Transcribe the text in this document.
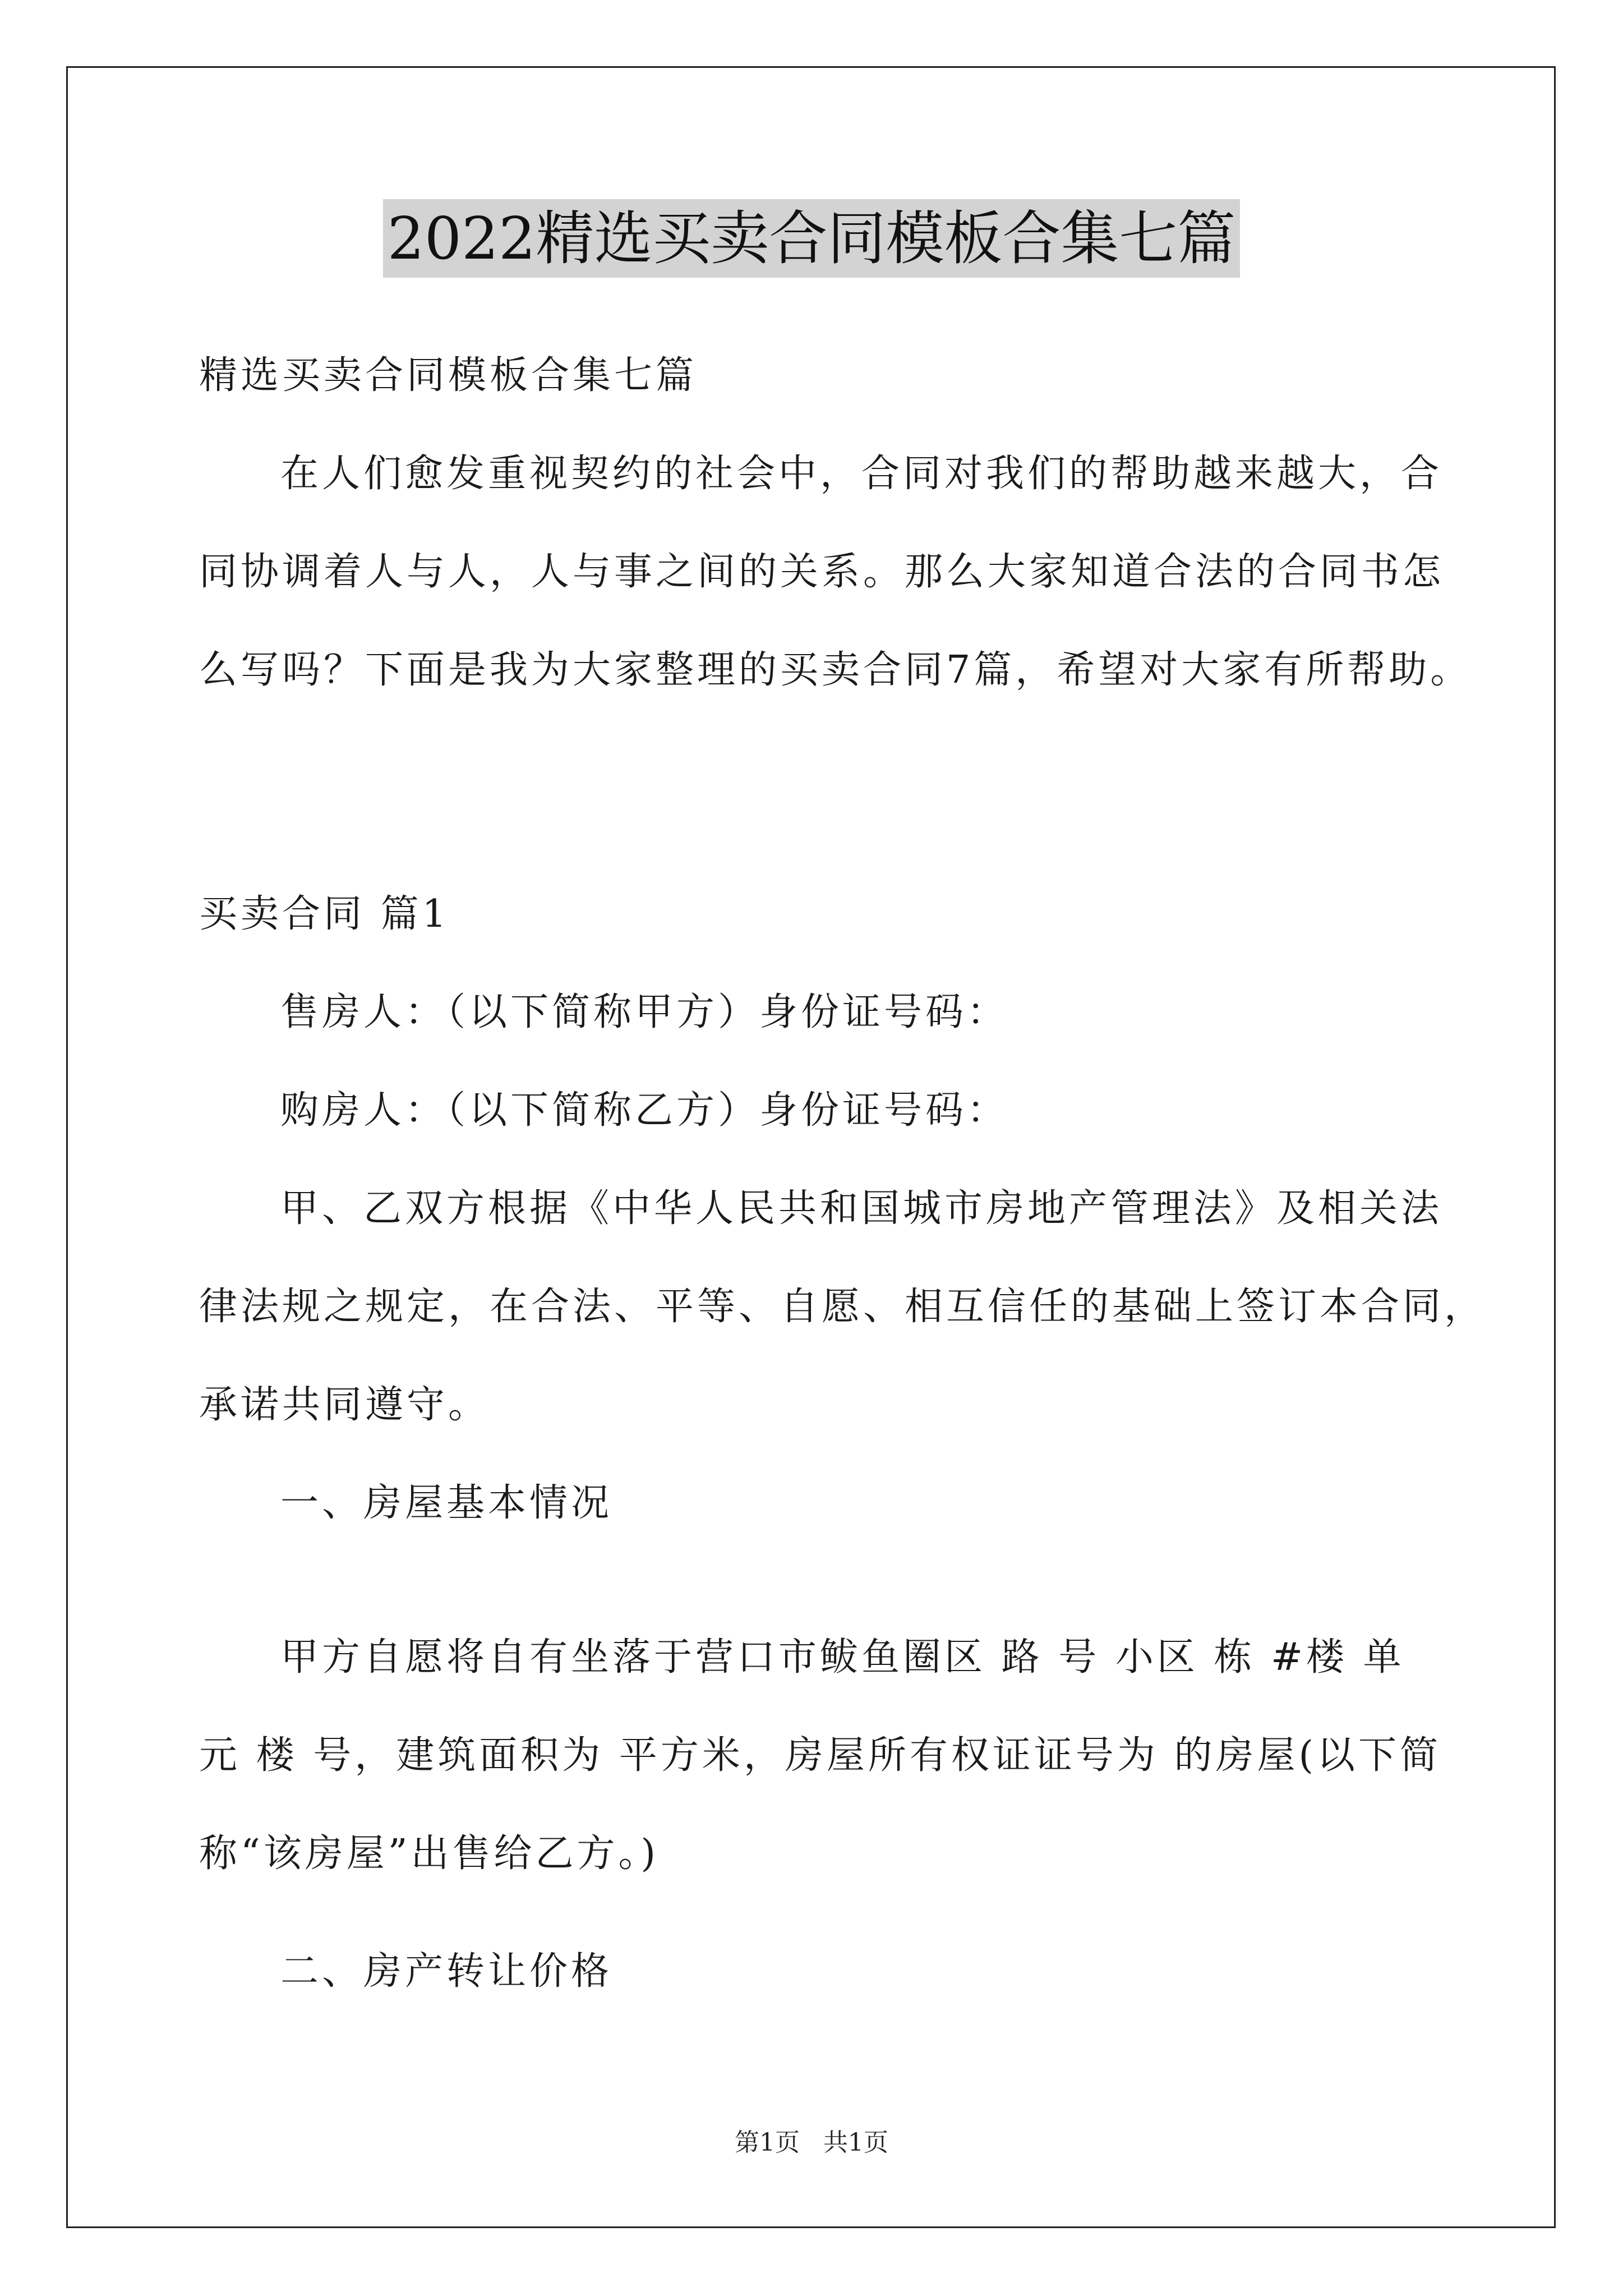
2022精选买卖合同模板合集七篇
精选买卖合同模板合集七篇
在人们愈发重视契约的社会中，合同对我们的帮助越来越大，合
同协调着人与人，人与事之间的关系。那么大家知道合法的合同书怎
么写吗？下面是我为大家整理的买卖合同7篇，希望对大家有所帮助。
买卖合同 篇1
售房人：（以下简称甲方）身份证号码：
购房人：（以下简称乙方）身份证号码：
甲、乙双方根据《中华人民共和国城市房地产管理法》及相关法
律法规之规定，在合法、平等、自愿、相互信任的基础上签订本合同，
承诺共同遵守。
一、房屋基本情况
甲方自愿将自有坐落于营口市鲅鱼圈区 路 号 小区 栋 #楼 单
元 楼 号，建筑面积为 平方米，房屋所有权证证号为 的房屋(以下简
称“该房屋”出售给乙方。)
二、房产转让价格
第1页 共1页
